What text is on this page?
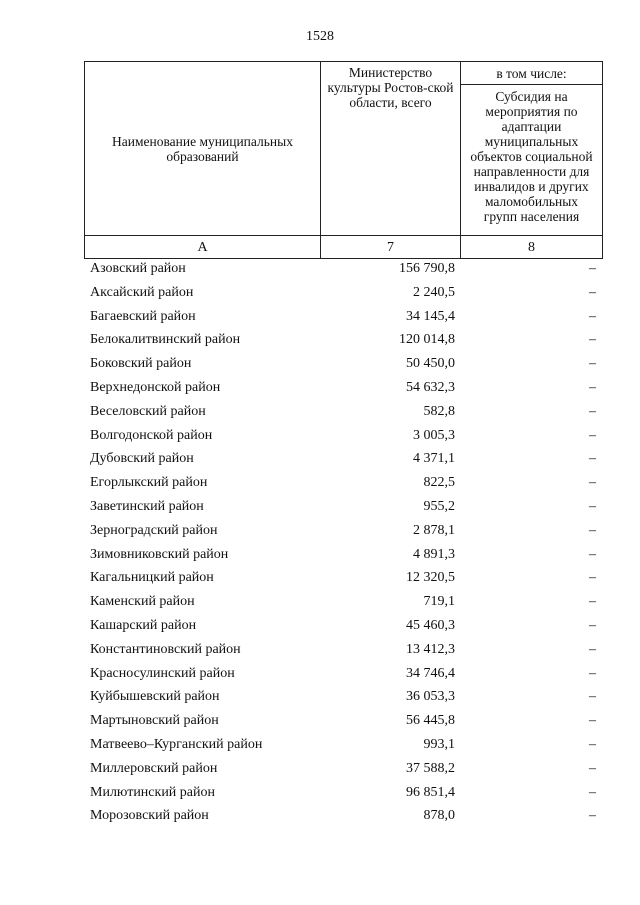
1528
Наименование муниципальных образований	Министерство культуры Ростов-ской области, всего	в том числе:

		Субсидия на мероприятия по адаптации муниципальных объектов социальной направленности для инвалидов и других маломобильных групп населения

А	7	8
Азовский район	156 790,8	–
Аксайский район	2 240,5	–
Багаевский район	34 145,4	–
Белокалитвинский район	120 014,8	–
Боковский район	50 450,0	–
Верхнедонской район	54 632,3	–
Веселовский район	582,8	–
Волгодонской район	3 005,3	–
Дубовский район	4 371,1	–
Егорлыкский район	822,5	–
Заветинский район	955,2	–
Зерноградский район	2 878,1	–
Зимовниковский район	4 891,3	–
Кагальницкий район	12 320,5	–
Каменский район	719,1	–
Кашарский район	45 460,3	–
Константиновский район	13 412,3	–
Красносулинский район	34 746,4	–
Куйбышевский район	36 053,3	–
Мартыновский район	56 445,8	–
Матвеево–Курганский район	993,1	–
Миллеровский район	37 588,2	–
Милютинский район	96 851,4	–
Морозовский район	878,0	–
